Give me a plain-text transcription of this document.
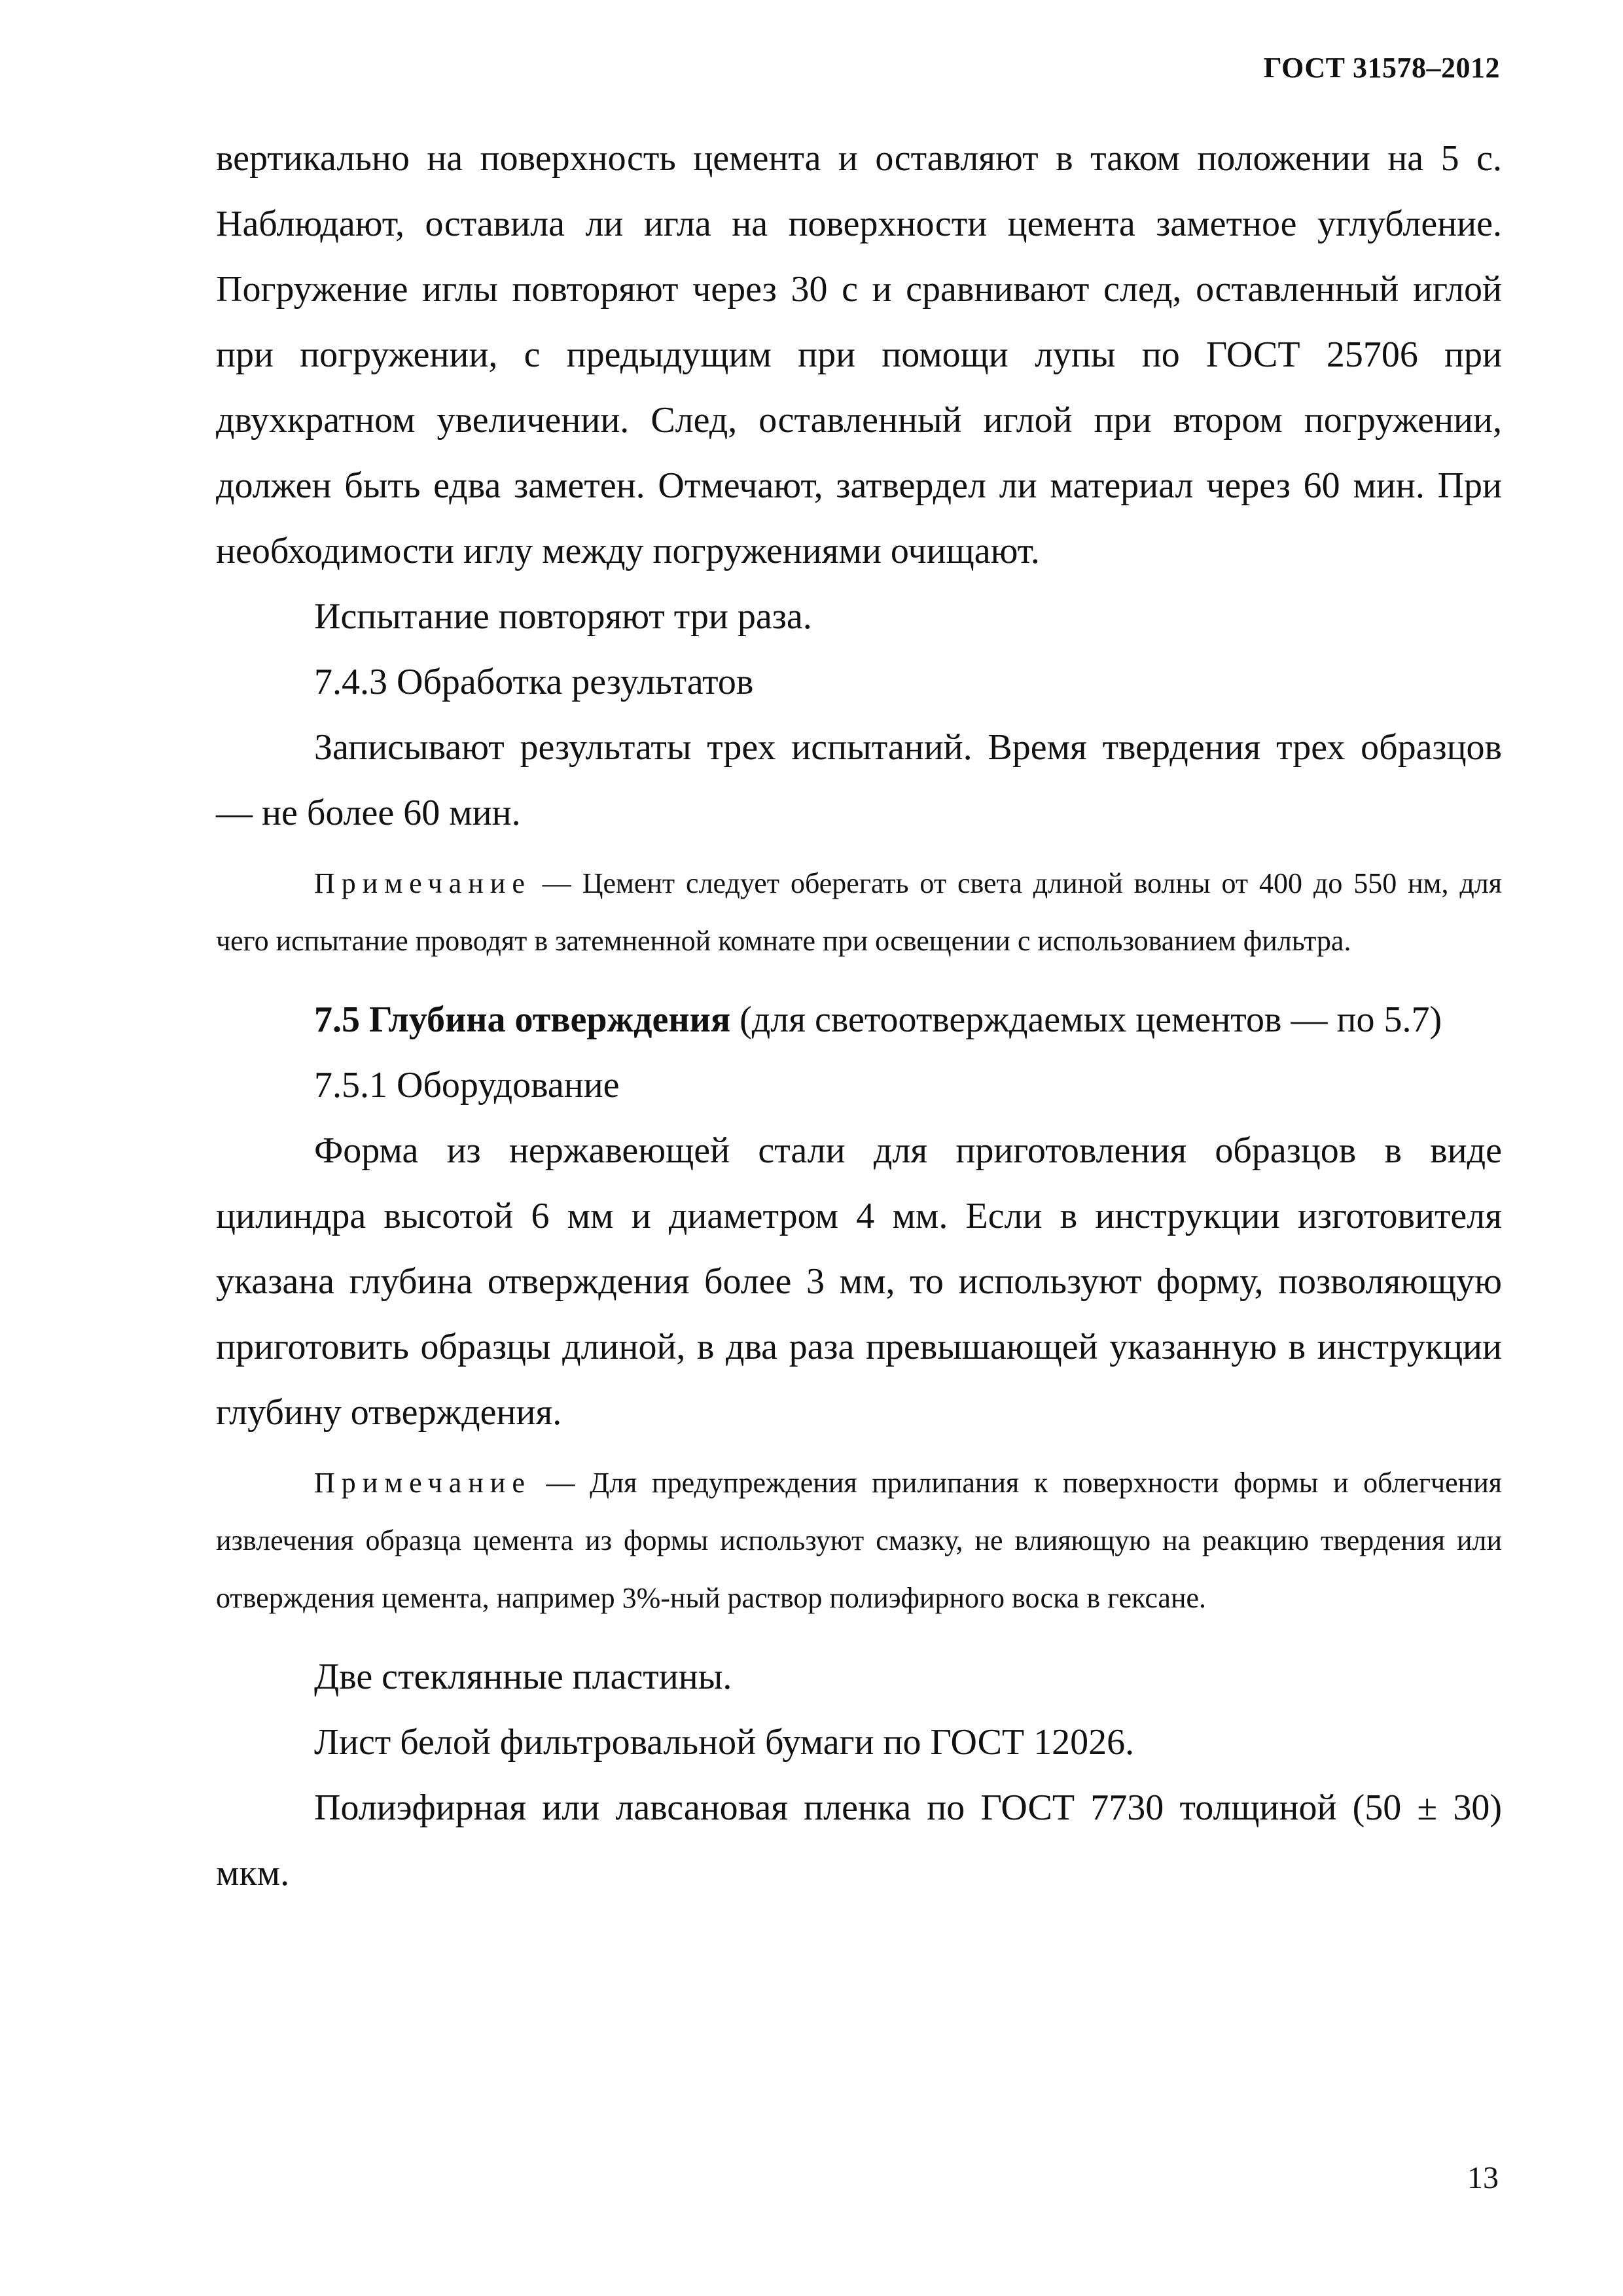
ГОСТ 31578–2012

вертикально на поверхность цемента и оставляют в таком положении на 5 с. Наблюдают, оставила ли игла на поверхности цемента заметное углубление. Погружение иглы повторяют через 30 с и сравнивают след, оставленный иглой при погружении, с предыдущим при помощи лупы по ГОСТ 25706 при двухкратном увеличении. След, оставленный иглой при втором погружении, должен быть едва заметен. Отмечают, затвердел ли материал через 60 мин. При необходимости иглу между погружениями очищают.

Испытание повторяют три раза.

7.4.3 Обработка результатов

Записывают результаты трех испытаний. Время твердения трех образцов — не более 60 мин.

Примечание — Цемент следует оберегать от света длиной волны от 400 до 550 нм, для чего испытание проводят в затемненной комнате при освещении с использованием фильтра.

7.5 Глубина отверждения (для светоотверждаемых цементов — по 5.7)

7.5.1 Оборудование

Форма из нержавеющей стали для приготовления образцов в виде цилиндра высотой 6 мм и диаметром 4 мм. Если в инструкции изготовителя указана глубина отверждения более 3 мм, то используют форму, позволяющую приготовить образцы длиной, в два раза превышающей указанную в инструкции глубину отверждения.

Примечание — Для предупреждения прилипания к поверхности формы и облегчения извлечения образца цемента из формы используют смазку, не влияющую на реакцию твердения или отверждения цемента, например 3%-ный раствор полиэфирного воска в гексане.

Две стеклянные пластины.

Лист белой фильтровальной бумаги по ГОСТ 12026.

Полиэфирная или лавсановая пленка по ГОСТ 7730 толщиной (50 ± 30) мкм.

13
